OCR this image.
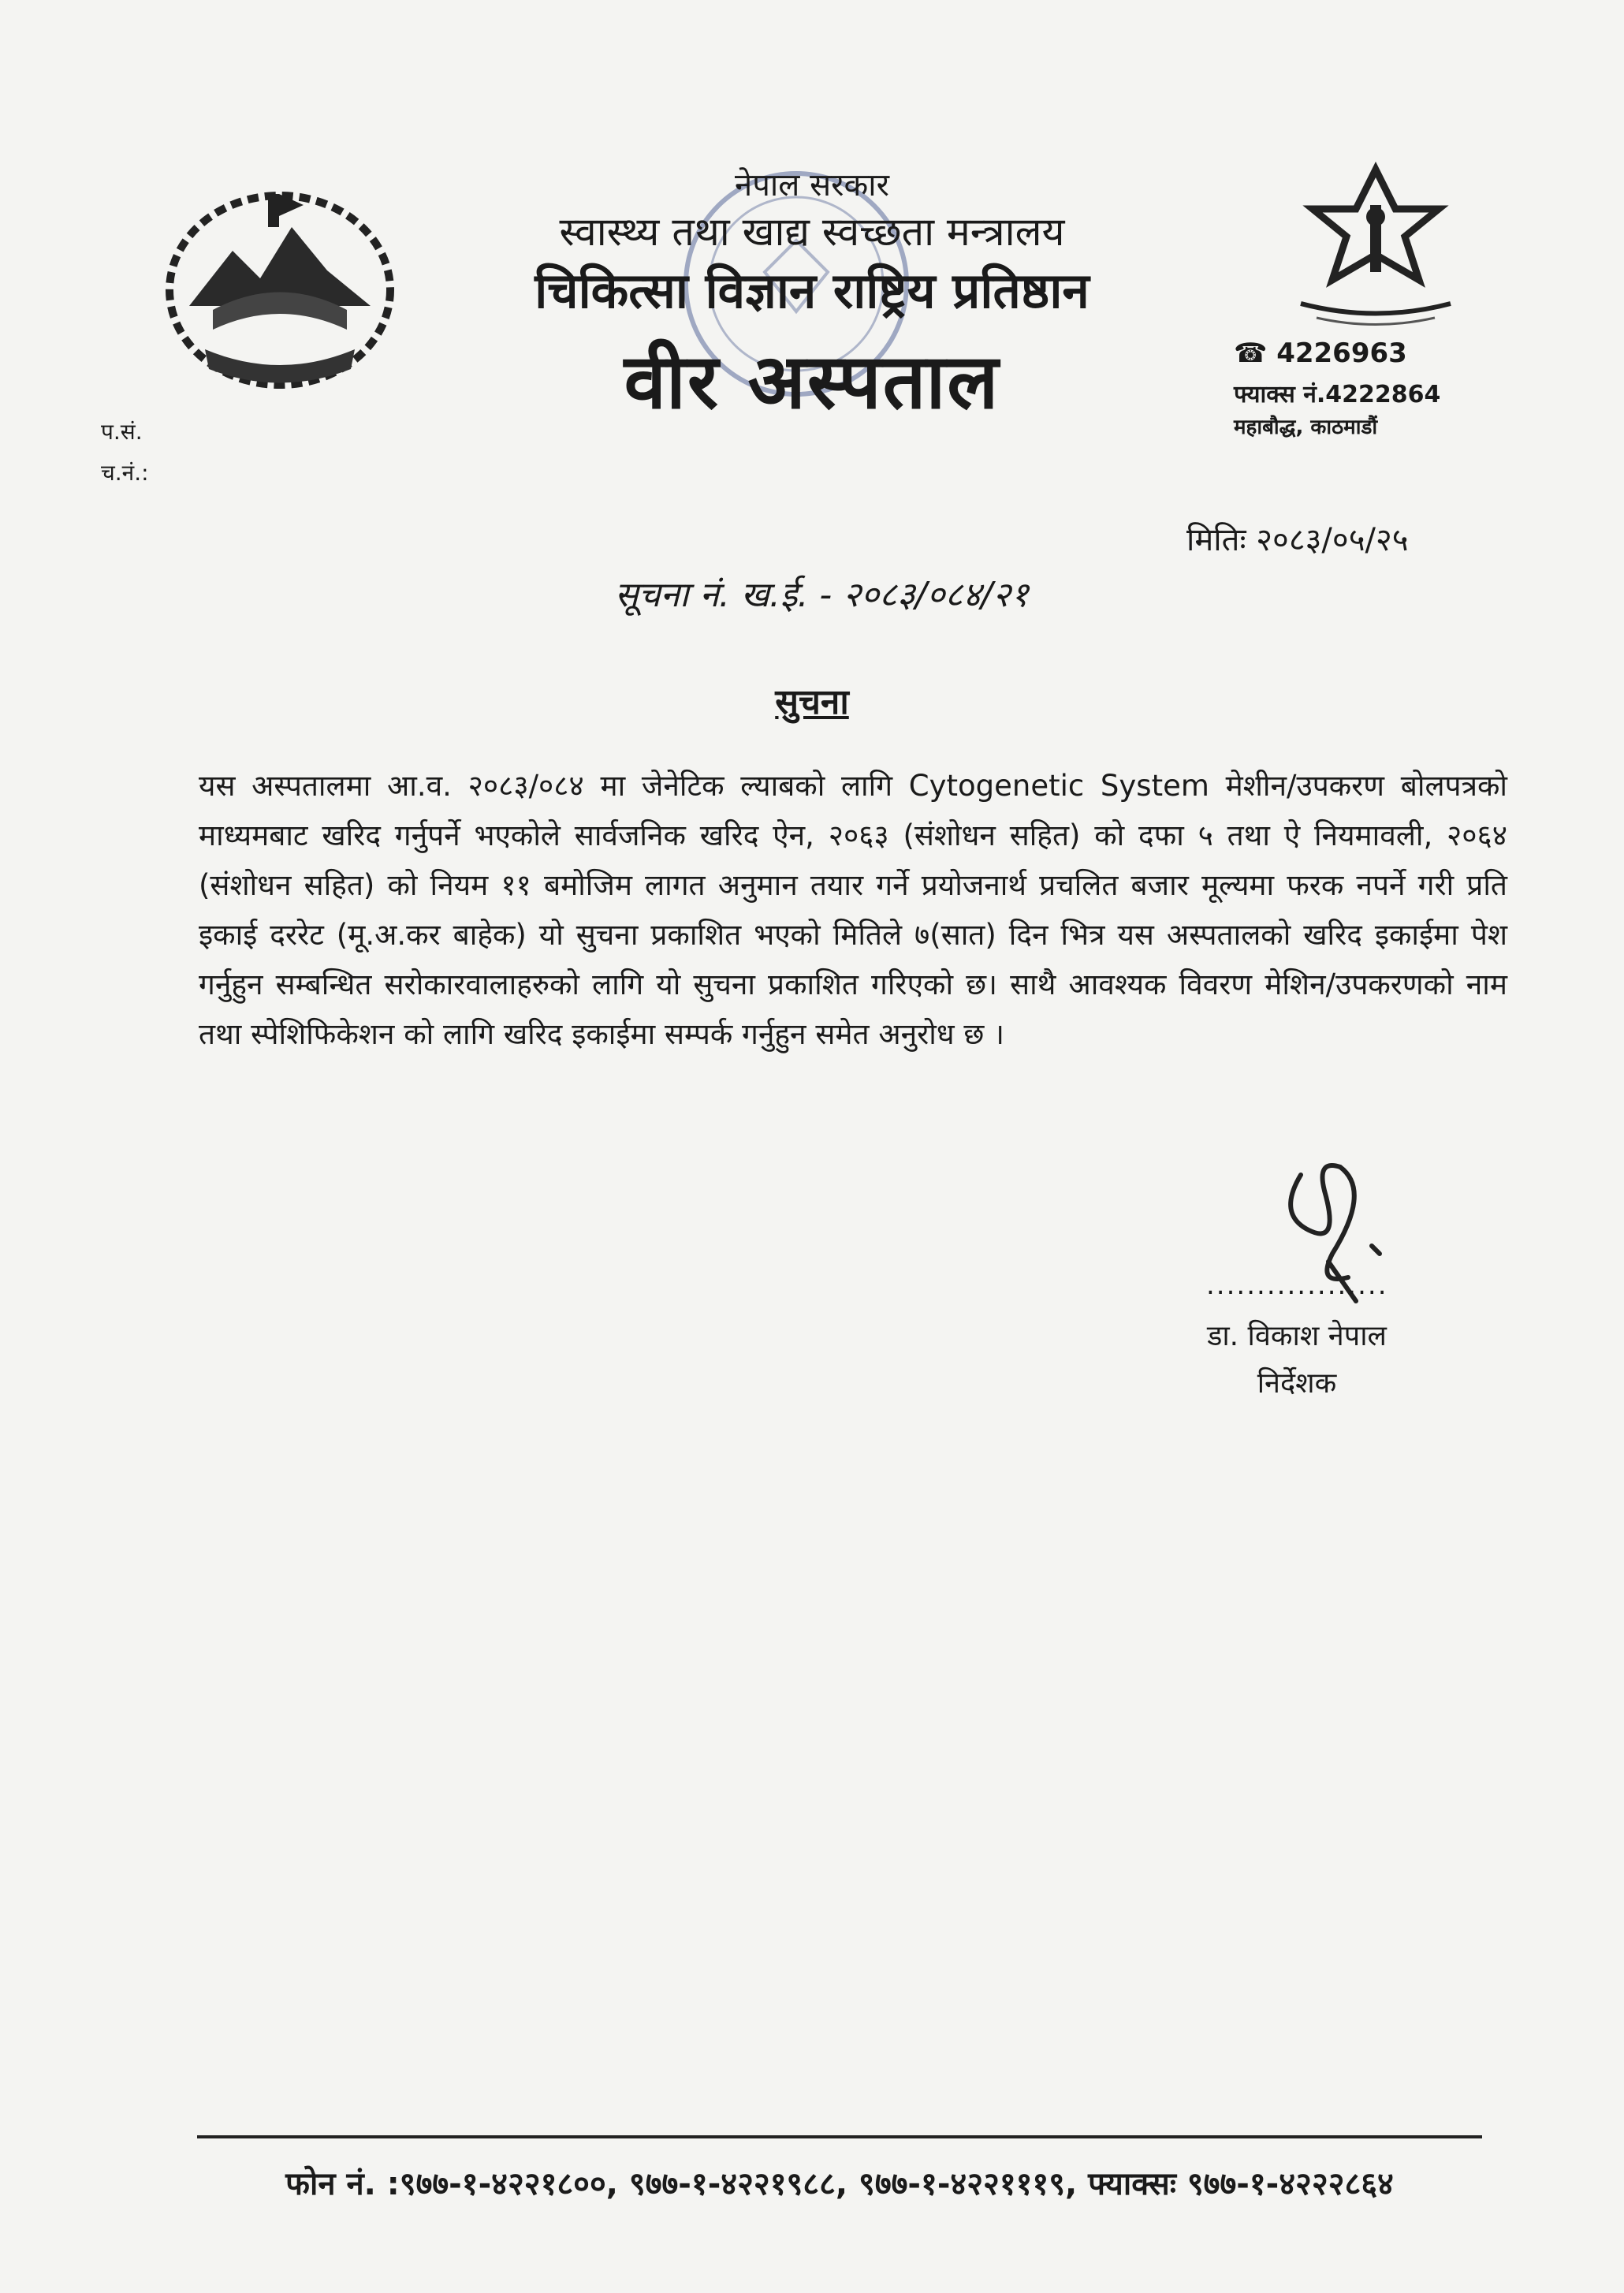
नेपाल सरकार
स्वास्थ्य तथा खाद्य स्वच्छता मन्त्रालय
चिकित्सा विज्ञान राष्ट्रिय प्रतिष्ठान
वीर अस्पताल	☎ 4226963
फ्याक्स नं.4222864
महाबौद्ध, काठमाडौं
प.सं.
च.नं.:
मितिः २०८३/०५/२५
सूचना नं. ख.ई. - २०८३/०८४/२१
सुचना
यस अस्पतालमा आ.व. २०८३/०८४ मा जेनेटिक ल्याबको लागि Cytogenetic System मेशीन/उपकरण बोलपत्रको माध्यमबाट खरिद गर्नुपर्ने भएकोले सार्वजनिक खरिद ऐन, २०६३ (संशोधन सहित) को दफा ५ तथा ऐ नियमावली, २०६४ (संशोधन सहित) को नियम ११ बमोजिम लागत अनुमान तयार गर्ने प्रयोजनार्थ प्रचलित बजार मूल्यमा फरक नपर्ने गरी प्रति इकाई दररेट (मू.अ.कर बाहेक) यो सुचना प्रकाशित भएको मितिले ७(सात) दिन भित्र यस अस्पतालको खरिद इकाईमा पेश गर्नुहुन सम्बन्धित सरोकारवालाहरुको लागि यो सुचना प्रकाशित गरिएको छ। साथै आवश्यक विवरण मेशिन/उपकरणको नाम तथा स्पेशिफिकेशन को लागि खरिद इकाईमा सम्पर्क गर्नुहुन समेत अनुरोध छ ।
..................
डा. विकाश नेपाल
निर्देशक
फोन नं. :९७७-१-४२२१८००, ९७७-१-४२२१९८८, ९७७-१-४२२१११९, फ्याक्सः ९७७-१-४२२२८६४
